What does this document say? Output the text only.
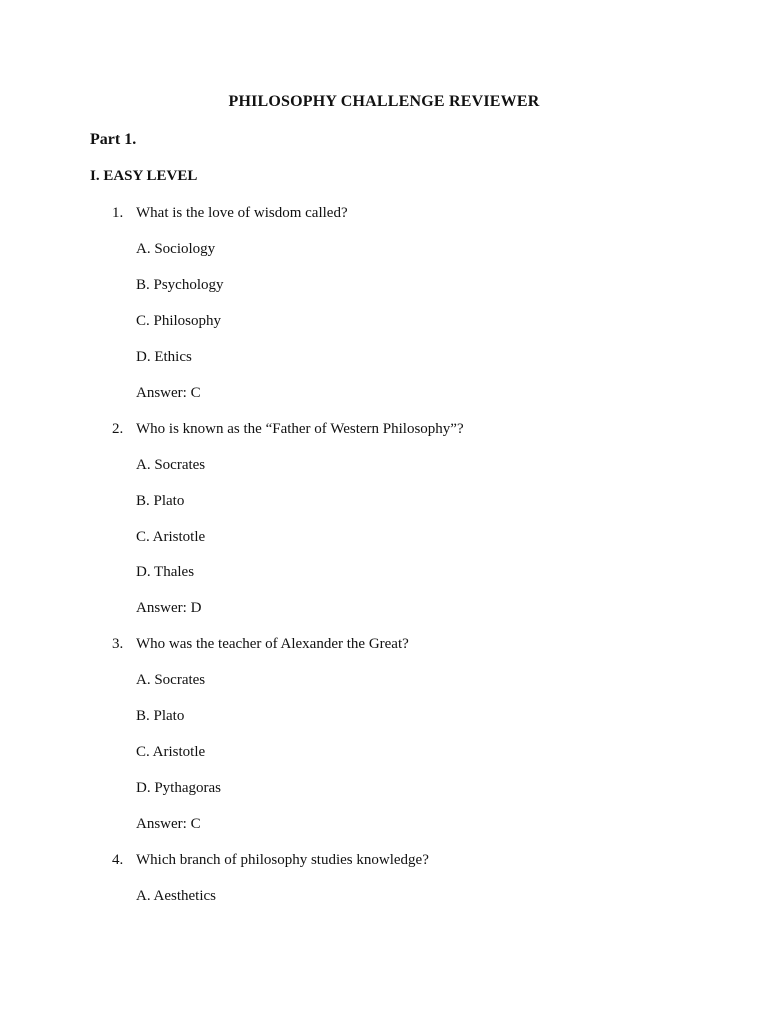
PHILOSOPHY CHALLENGE REVIEWER
Part 1.
I. EASY LEVEL
1. What is the love of wisdom called?
A. Sociology
B. Psychology
C. Philosophy
D. Ethics
Answer: C
2. Who is known as the “Father of Western Philosophy”?
A. Socrates
B. Plato
C. Aristotle
D. Thales
Answer: D
3. Who was the teacher of Alexander the Great?
A. Socrates
B. Plato
C. Aristotle
D. Pythagoras
Answer: C
4. Which branch of philosophy studies knowledge?
A. Aesthetics
